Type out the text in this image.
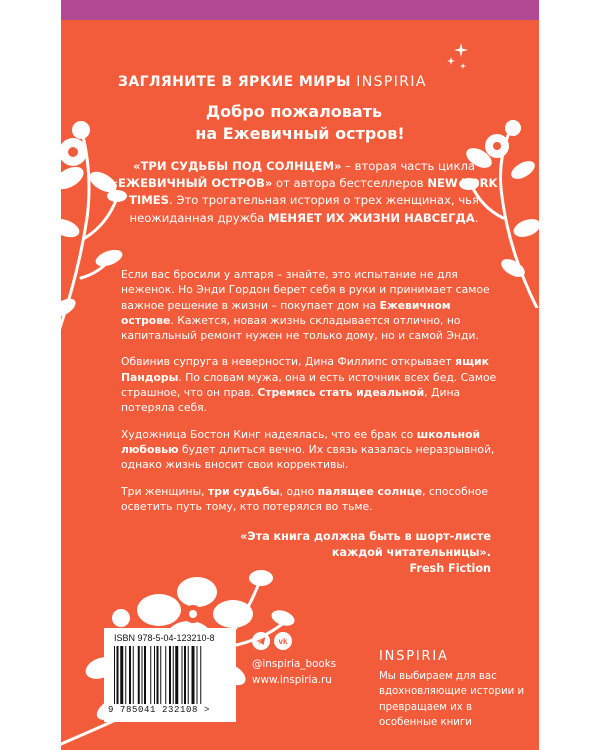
ЗАГЛЯНИТЕ В ЯРКИЕ МИРЫ INSPIRIA

Добро пожаловать
на Ежевичный остров!

«ТРИ СУДЬБЫ ПОД СОЛНЦЕМ» – вторая часть цикла «ЕЖЕВИЧНЫЙ ОСТРОВ» от автора бестселлеров NEW YORK TIMES. Это трогательная история о трех женщинах, чья неожиданная дружба МЕНЯЕТ ИХ ЖИЗНИ НАВСЕГДА.

Если вас бросили у алтаря – знайте, это испытание не для неженок. Но Энди Гордон берет себя в руки и принимает самое важное решение в жизни – покупает дом на Ежевичном острове. Кажется, новая жизнь складывается отлично, но капитальный ремонт нужен не только дому, но и самой Энди.

Обвинив супруга в неверности, Дина Филлипс открывает ящик Пандоры. По словам мужа, она и есть источник всех бед. Самое страшное, что он прав. Стремясь стать идеальной, Дина потеряла себя.

Художница Бостон Кинг надеялась, что ее брак со школьной любовью будет длиться вечно. Их связь казалась неразрывной, однако жизнь вносит свои коррективы.

Три женщины, три судьбы, одно палящее солнце, способное осветить путь тому, кто потерялся во тьме.

«Эта книга должна быть в шорт-листе каждой читательницы».
Fresh Fiction

ISBN 978-5-04-123210-8

9 785041 232108 >

vk

@inspiria_books

www.inspiria.ru

INSPIRIA

Мы выбираем для вас вдохновляющие истории и превращаем их в особенные книги
